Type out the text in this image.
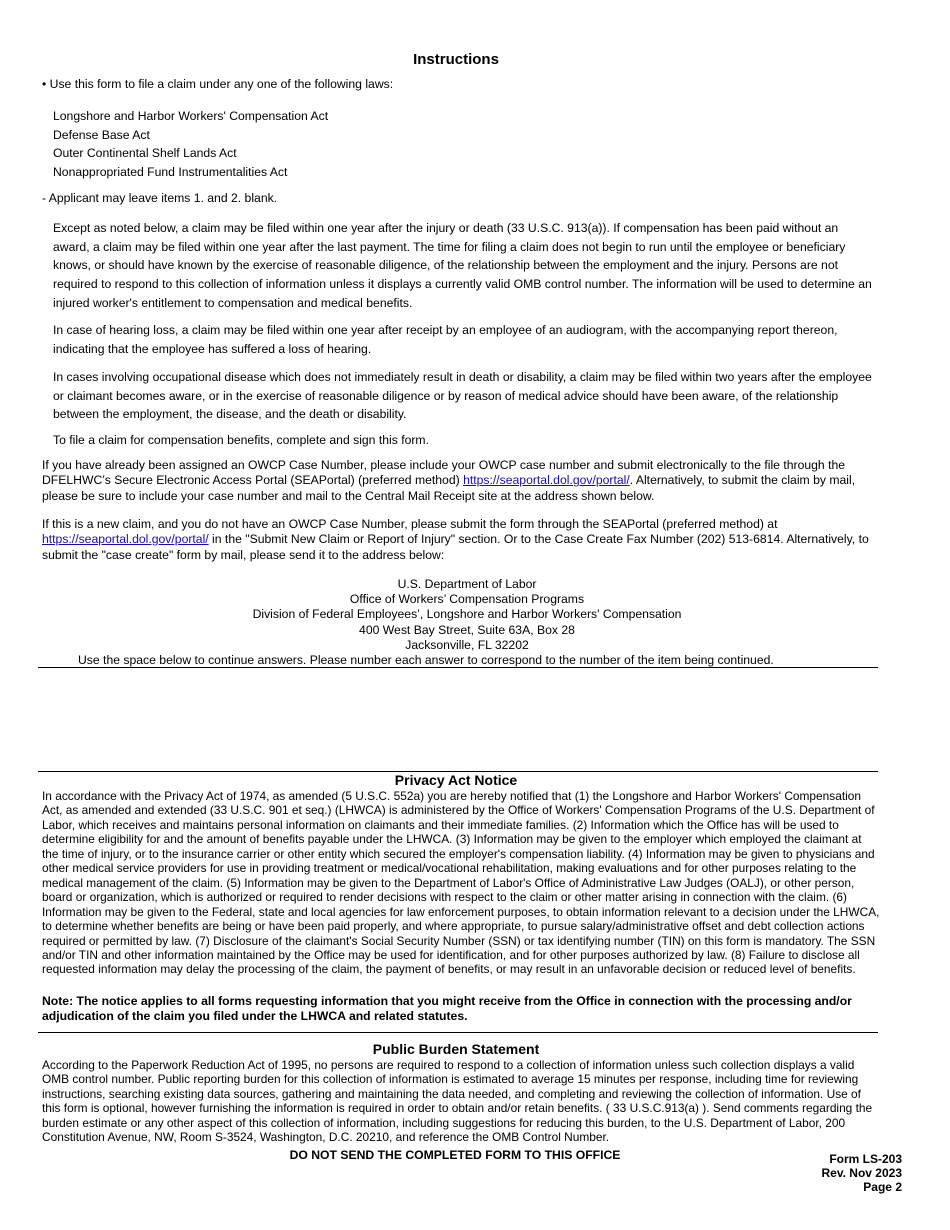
Instructions
• Use this form to file a claim under any one of the following laws:
Longshore and Harbor Workers' Compensation Act
Defense Base Act
Outer Continental Shelf Lands Act
Nonappropriated Fund Instrumentalities Act
- Applicant may leave items 1. and 2. blank.
Except as noted below, a claim may be filed within one year after the injury or death (33 U.S.C. 913(a)). If compensation has been paid without an award, a claim may be filed within one year after the last payment. The time for filing a claim does not begin to run until the employee or beneficiary knows, or should have known by the exercise of reasonable diligence, of the relationship between the employment and the injury. Persons are not required to respond to this collection of information unless it displays a currently valid OMB control number. The information will be used to determine an injured worker's entitlement to compensation and medical benefits.
In case of hearing loss, a claim may be filed within one year after receipt by an employee of an audiogram, with the accompanying report thereon, indicating that the employee has suffered a loss of hearing.
In cases involving occupational disease which does not immediately result in death or disability, a claim may be filed within two years after the employee or claimant becomes aware, or in the exercise of reasonable diligence or by reason of medical advice should have been aware, of the relationship between the employment, the disease, and the death or disability.
To file a claim for compensation benefits, complete and sign this form.
If you have already been assigned an OWCP Case Number, please include your OWCP case number and submit electronically to the file through the DFELHWC’s Secure Electronic Access Portal (SEAPortal) (preferred method) https://seaportal.dol.gov/portal/. Alternatively, to submit the claim by mail, please be sure to include your case number and mail to the Central Mail Receipt site at the address shown below.
If this is a new claim, and you do not have an OWCP Case Number, please submit the form through the SEAPortal (preferred method) at https://seaportal.dol.gov/portal/ in the "Submit New Claim or Report of Injury" section. Or to the Case Create Fax Number (202) 513-6814. Alternatively, to submit the "case create" form by mail, please send it to the address below:
U.S. Department of Labor
Office of Workers’ Compensation Programs
Division of Federal Employees’, Longshore and Harbor Workers' Compensation
400 West Bay Street, Suite 63A, Box 28
Jacksonville, FL 32202
Use the space below to continue answers. Please number each answer to correspond to the number of the item being continued.
Privacy Act Notice
In accordance with the Privacy Act of 1974, as amended (5 U.S.C. 552a) you are hereby notified that (1) the Longshore and Harbor Workers' Compensation Act, as amended and extended (33 U.S.C. 901 et seq.) (LHWCA) is administered by the Office of Workers' Compensation Programs of the U.S. Department of Labor, which receives and maintains personal information on claimants and their immediate families. (2) Information which the Office has will be used to determine eligibility for and the amount of benefits payable under the LHWCA. (3) Information may be given to the employer which employed the claimant at the time of injury, or to the insurance carrier or other entity which secured the employer's compensation liability. (4) Information may be given to physicians and other medical service providers for use in providing treatment or medical/vocational rehabilitation, making evaluations and for other purposes relating to the medical management of the claim. (5) Information may be given to the Department of Labor's Office of Administrative Law Judges (OALJ), or other person, board or organization, which is authorized or required to render decisions with respect to the claim or other matter arising in connection with the claim. (6) Information may be given to the Federal, state and local agencies for law enforcement purposes, to obtain information relevant to a decision under the LHWCA, to determine whether benefits are being or have been paid properly, and where appropriate, to pursue salary/administrative offset and debt collection actions required or permitted by law. (7) Disclosure of the claimant's Social Security Number (SSN) or tax identifying number (TIN) on this form is mandatory. The SSN and/or TIN and other information maintained by the Office may be used for identification, and for other purposes authorized by law. (8) Failure to disclose all requested information may delay the processing of the claim, the payment of benefits, or may result in an unfavorable decision or reduced level of benefits.
Note: The notice applies to all forms requesting information that you might receive from the Office in connection with the processing and/or adjudication of the claim you filed under the LHWCA and related statutes.
Public Burden Statement
According to the Paperwork Reduction Act of 1995, no persons are required to respond to a collection of information unless such collection displays a valid OMB control number. Public reporting burden for this collection of information is estimated to average 15 minutes per response, including time for reviewing instructions, searching existing data sources, gathering and maintaining the data needed, and completing and reviewing the collection of information. Use of this form is optional, however furnishing the information is required in order to obtain and/or retain benefits. ( 33 U.S.C.913(a) ). Send comments regarding the burden estimate or any other aspect of this collection of information, including suggestions for reducing this burden, to the U.S. Department of Labor, 200 Constitution Avenue, NW, Room S-3524, Washington, D.C. 20210, and reference the OMB Control Number.
DO NOT SEND THE COMPLETED FORM TO THIS OFFICE	Form LS-203
Rev. Nov 2023
Page 2
